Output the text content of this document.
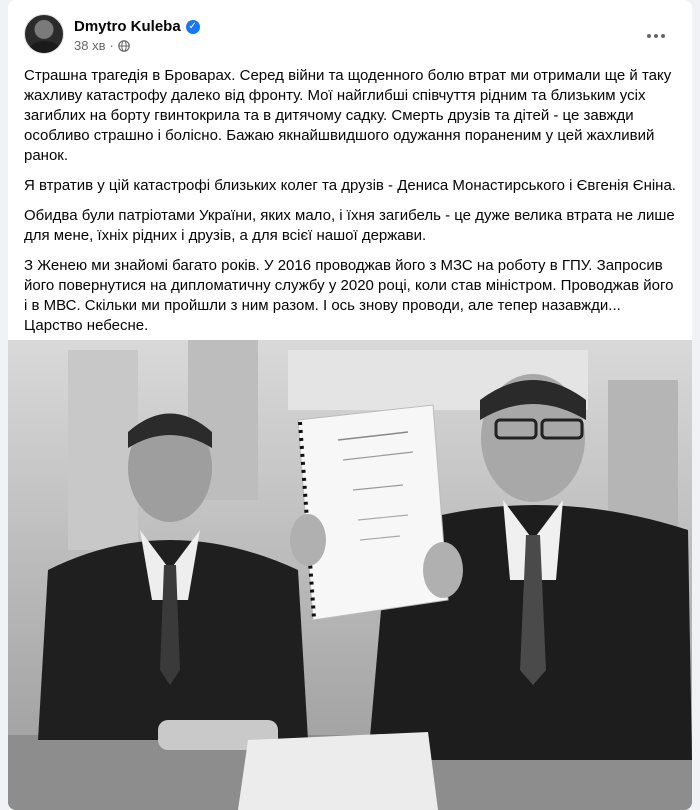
Dmytro Kuleba ✓
38 хв ·

Страшна трагедія в Броварах. Серед війни та щоденного болю втрат ми отримали ще й таку жахливу катастрофу далеко від фронту. Мої найглибші співчуття рідним та близьким усіх загиблих на борту гвинтокрила та в дитячому садку. Смерть друзів та дітей - це завжди особливо страшно і болісно. Бажаю якнайшвидшого одужання пораненим у цей жахливий ранок.

Я втратив у цій катастрофі близьких колег та друзів - Дениса Монастирського і Євгенія Єніна.

Обидва були патріотами України, яких мало, і їхня загибель - це дуже велика втрата не лише для мене, їхніх рідних і друзів, а для всієї нашої держави.

З Женею ми знайомі багато років. У 2016 проводжав його з МЗС на роботу в ГПУ. Запросив його повернутися на дипломатичну службу у 2020 році, коли став міністром. Проводжав його і в МВС. Скільки ми пройшли з ним разом. І ось знову проводи, але тепер назавжди... Царство небесне.
